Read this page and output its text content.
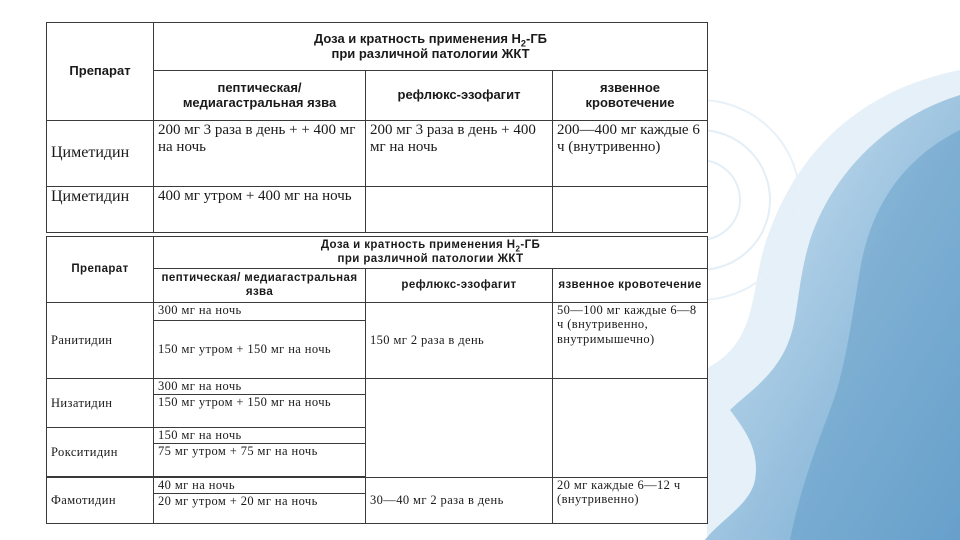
Препарат	Доза и кратность применения $Н_2-ГБ$
при различной патологии ЖКТ		

	пептическая/ медиагастральная язва	рефлюкс-эзофагит	язвенное кровотечение
Циметидин	200 мг 3 раза в день + + 400 мг на ночь	200 мг 3 раза в день + 400 мг на ночь	200—400 мг каждые 6 ч (внутривенно)
Циметидин	400 мг утром + 400 мг на ночь		
Препарат	Доза и кратность применения $Н_2-ГБ$
при различной патологии ЖКТ		

	пептическая/ медиагастральная язва	рефлюкс-эзофагит	язвенное кровотечение
Ранитидин	300 мг на ночь	150 мг 2 раза в день	50—100 мг каждые 6—8 ч (внутривенно, внутримышечно)
	150 мг утром + 150 мг на ночь		
Низатидин	300 мг на ночь		
	150 мг утром + 150 мг на ночь		
Рокситидин	150 мг на ночь		
	75 мг утром + 75 мг на ночь		

Фамотидин	40 мг на ночь	30—40 мг 2 раза в день	20 мг каждые 6—12 ч (внутривенно)
	20 мг утром + 20 мг на ночь		
